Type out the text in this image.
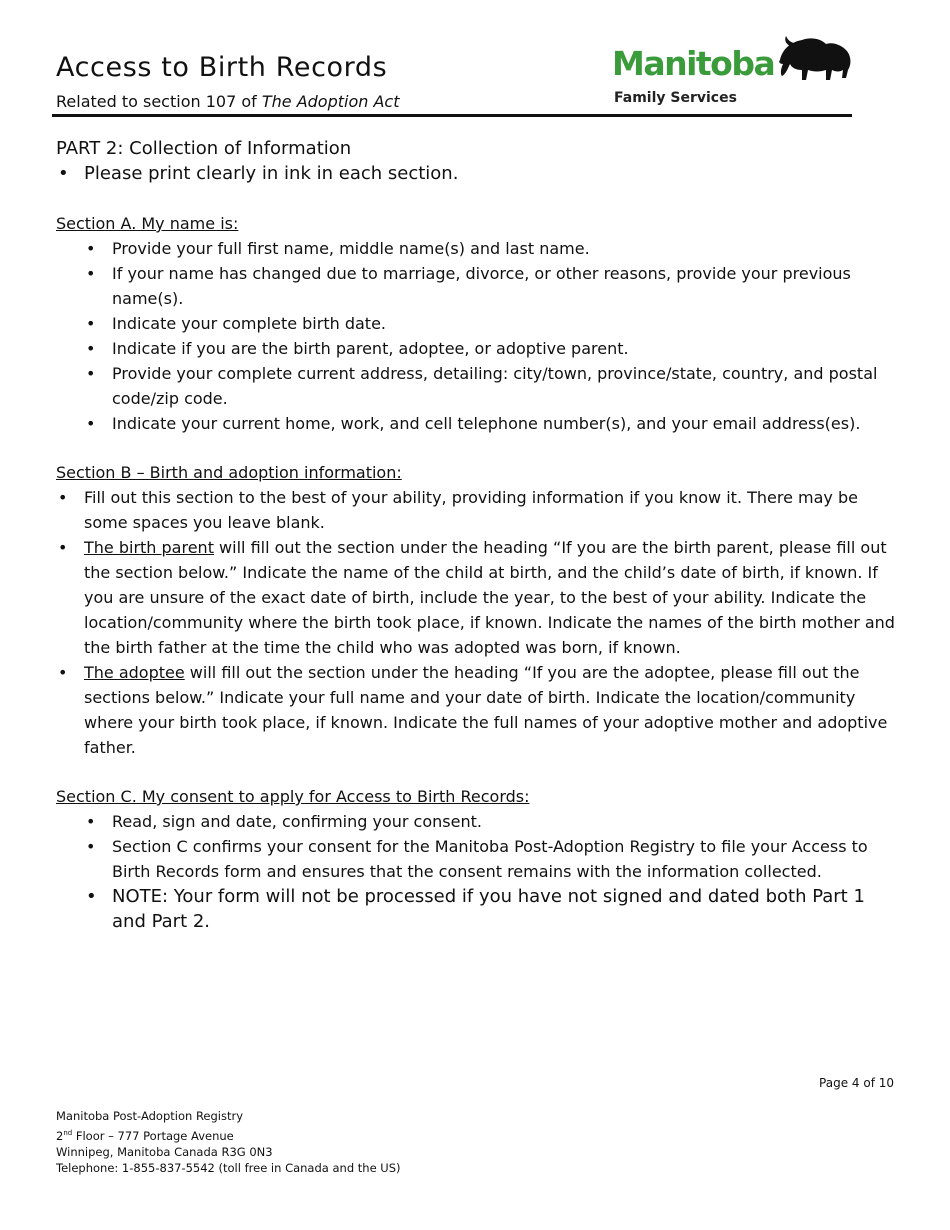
Access to Birth Records
Related to section 107 of The Adoption Act
Manitoba
Family Services
PART 2: Collection of Information
• Please print clearly in ink in each section.
Section A. My name is:
• Provide your full first name, middle name(s) and last name.
• If your name has changed due to marriage, divorce, or other reasons, provide your previous name(s).
• Indicate your complete birth date.
• Indicate if you are the birth parent, adoptee, or adoptive parent.
• Provide your complete current address, detailing: city/town, province/state, country, and postal code/zip code.
• Indicate your current home, work, and cell telephone number(s), and your email address(es).
Section B – Birth and adoption information:
• Fill out this section to the best of your ability, providing information if you know it. There may be some spaces you leave blank.
• The birth parent will fill out the section under the heading “If you are the birth parent, please fill out the section below.” Indicate the name of the child at birth, and the child’s date of birth, if known. If you are unsure of the exact date of birth, include the year, to the best of your ability. Indicate the location/community where the birth took place, if known. Indicate the names of the birth mother and the birth father at the time the child who was adopted was born, if known.
• The adoptee will fill out the section under the heading “If you are the adoptee, please fill out the sections below.” Indicate your full name and your date of birth. Indicate the location/community where your birth took place, if known. Indicate the full names of your adoptive mother and adoptive father.
Section C. My consent to apply for Access to Birth Records:
• Read, sign and date, confirming your consent.
• Section C confirms your consent for the Manitoba Post-Adoption Registry to file your Access to Birth Records form and ensures that the consent remains with the information collected.
• NOTE: Your form will not be processed if you have not signed and dated both Part 1 and Part 2.
Page 4 of 10
Manitoba Post-Adoption Registry
2nd Floor – 777 Portage Avenue
Winnipeg, Manitoba Canada R3G 0N3
Telephone: 1-855-837-5542 (toll free in Canada and the US)
